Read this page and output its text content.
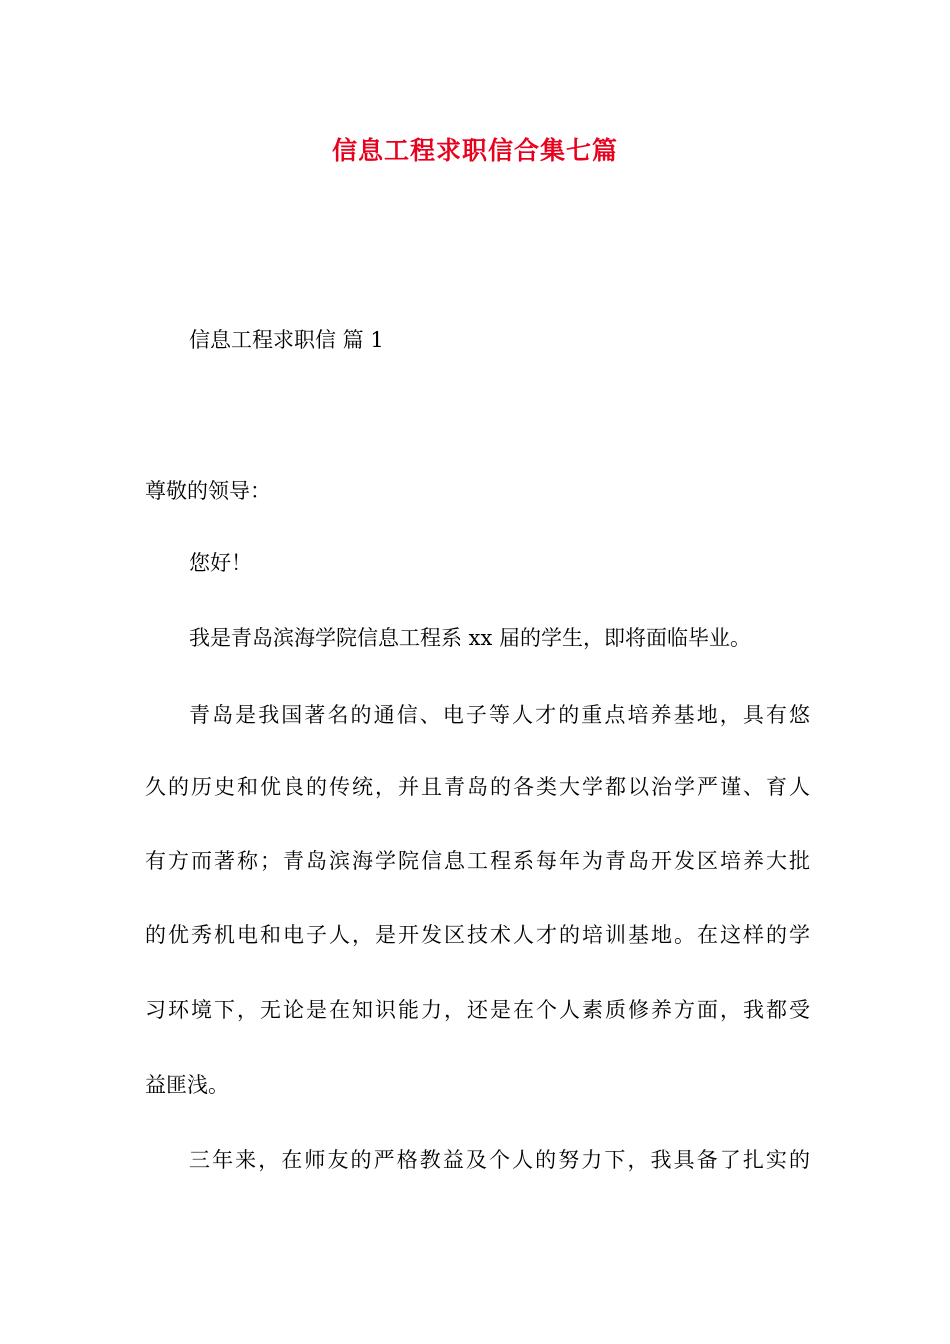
信息工程求职信合集七篇
信息工程求职信 篇 1
尊敬的领导：
您好！
我是青岛滨海学院信息工程系 xx 届的学生，即将面临毕业。
青岛是我国著名的通信、电子等人才的重点培养基地，具有悠
久的历史和优良的传统，并且青岛的各类大学都以治学严谨、育人
有方而著称；青岛滨海学院信息工程系每年为青岛开发区培养大批
的优秀机电和电子人，是开发区技术人才的培训基地。在这样的学
习环境下，无论是在知识能力，还是在个人素质修养方面，我都受
益匪浅。
三年来，在师友的严格教益及个人的努力下，我具备了扎实的
